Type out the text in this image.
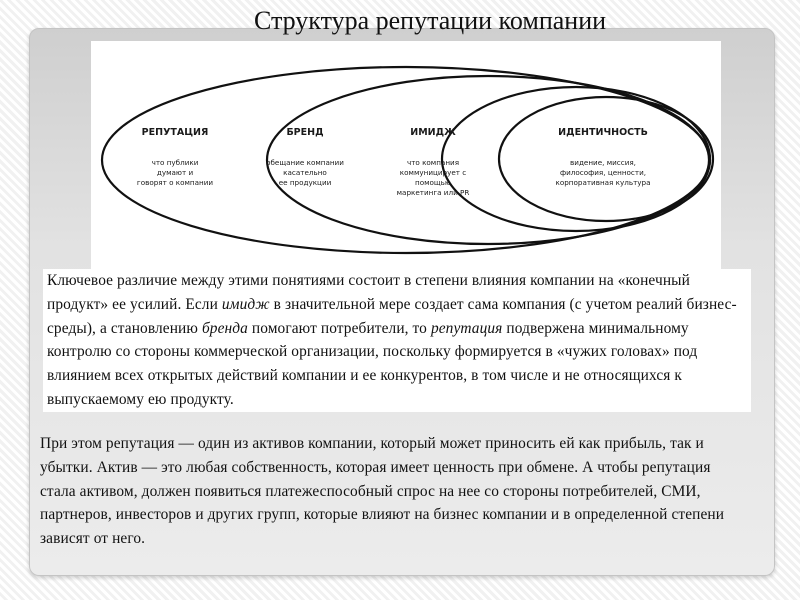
Структура репутации компании
РЕПУТАЦИЯ
что публики
думают и
говорят о компании
БРЕНД
обещание компании
касательно
ее продукции
ИМИДЖ
что компания
коммуницирует с
помощью
маркетинга или PR
ИДЕНТИЧНОСТЬ
видение, миссия,
философия, ценности,
корпоративная культура
Ключевое различие между этими понятиями состоит в степени влияния компании на «конечный продукт» ее усилий. Если имидж в значительной мере создает сама компания (с учетом реалий бизнес-среды), а становлению бренда помогают потребители, то репутация подвержена минимальному контролю со стороны коммерческой организации, поскольку формируется в «чужих головах» под влиянием всех открытых действий компании и ее конкурентов, в том числе и не относящихся к выпускаемому ею продукту.
При этом репутация — один из активов компании, который может приносить ей как прибыль, так и убытки. Актив — это любая собственность, которая имеет ценность при обмене. А чтобы репутация стала активом, должен появиться платежеспособный спрос на нее со стороны потребителей, СМИ, партнеров, инвесторов и других групп, которые влияют на бизнес компании и в определенной степени зависят от него.
